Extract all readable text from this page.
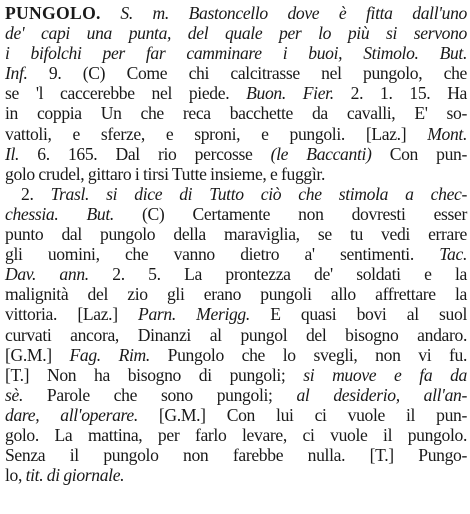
PUNGOLO. S. m. Bastoncello dove è fitta dall'uno
de' capi una punta, del quale per lo più si servono
i bifolchi per far camminare i buoi, Stimolo. But.
Inf. 9. (C) Come chi calcitrasse nel pungolo, che
se 'l caccerebbe nel piede. Buon. Fier. 2. 1. 15. Ha
in coppia Un che reca bacchette da cavalli, E' so-
vattoli, e sferze, e sproni, e pungoli. [Laz.] Mont.
Il. 6. 165. Dal rio percosse (le Baccanti) Con pun-
golo crudel, gittaro i tirsi Tutte insieme, e fuggìr.
2. Trasl. si dice di Tutto ciò che stimola a chec-
chessia. But. (C) Certamente non dovresti esser
punto dal pungolo della maraviglia, se tu vedi errare
gli uomini, che vanno dietro a' sentimenti. Tac.
Dav. ann. 2. 5. La prontezza de' soldati e la
malignità del zio gli erano pungoli allo affrettare la
vittoria. [Laz.] Parn. Merigg. E quasi bovi al suol
curvati ancora, Dinanzi al pungol del bisogno andaro.
[G.M.] Fag. Rim. Pungolo che lo svegli, non vi fu.
[T.] Non ha bisogno di pungoli; si muove e fa da
sè. Parole che sono pungoli; al desiderio, all'an-
dare, all'operare. [G.M.] Con lui ci vuole il pun-
golo. La mattina, per farlo levare, ci vuole il pungolo.
Senza il pungolo non farebbe nulla. [T.] Pungo-
lo, tit. di giornale.
